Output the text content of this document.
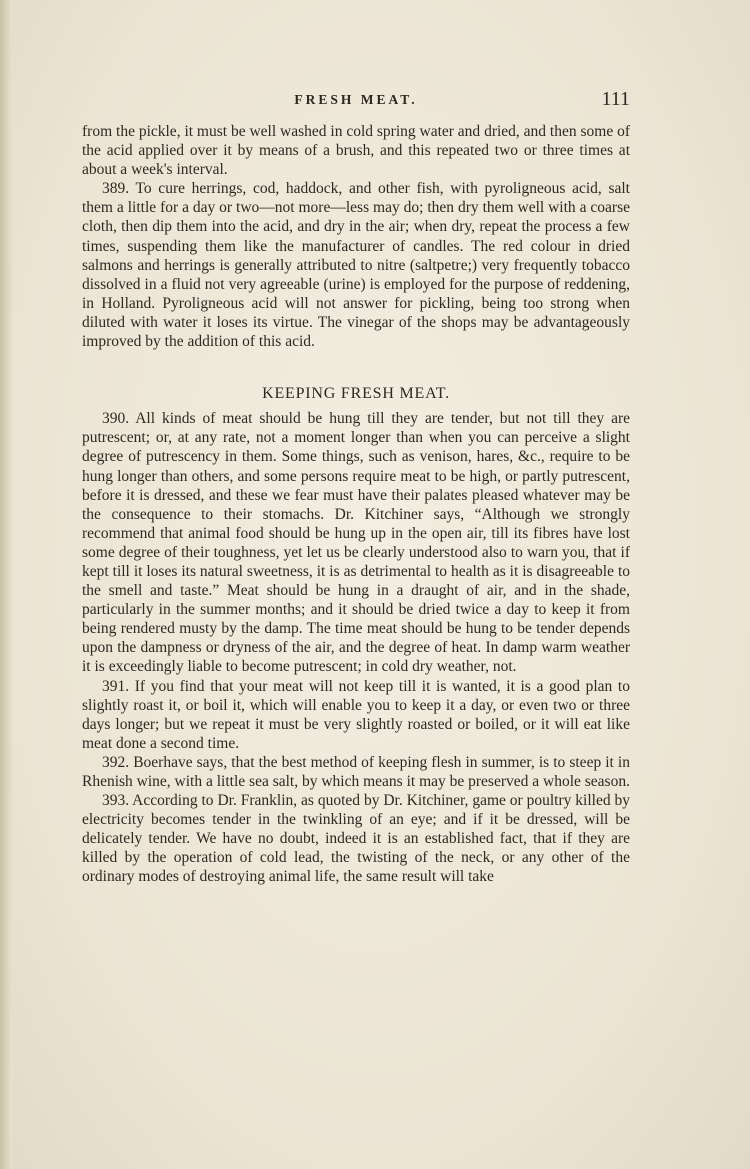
FRESH MEAT.	111

from the pickle, it must be well washed in cold spring water and dried, and then some of the acid applied over it by means of a brush, and this repeated two or three times at about a week's interval.

389. To cure herrings, cod, haddock, and other fish, with pyroligneous acid, salt them a little for a day or two—not more—less may do; then dry them well with a coarse cloth, then dip them into the acid, and dry in the air; when dry, repeat the process a few times, suspending them like the manufacturer of candles. The red colour in dried salmons and herrings is generally attributed to nitre (saltpetre;) very frequently tobacco dissolved in a fluid not very agreeable (urine) is employed for the purpose of reddening, in Holland. Pyroligneous acid will not answer for pickling, being too strong when diluted with water it loses its virtue. The vinegar of the shops may be advantageously improved by the addition of this acid.

KEEPING FRESH MEAT.

390. All kinds of meat should be hung till they are tender, but not till they are putrescent; or, at any rate, not a moment longer than when you can perceive a slight degree of putrescency in them. Some things, such as venison, hares, &c., require to be hung longer than others, and some persons require meat to be high, or partly putrescent, before it is dressed, and these we fear must have their palates pleased whatever may be the consequence to their stomachs. Dr. Kitchiner says, “Although we strongly recommend that animal food should be hung up in the open air, till its fibres have lost some degree of their toughness, yet let us be clearly understood also to warn you, that if kept till it loses its natural sweetness, it is as detrimental to health as it is disagreeable to the smell and taste.” Meat should be hung in a draught of air, and in the shade, particularly in the summer months; and it should be dried twice a day to keep it from being rendered musty by the damp. The time meat should be hung to be tender depends upon the dampness or dryness of the air, and the degree of heat. In damp warm weather it is exceedingly liable to become putrescent; in cold dry weather, not.

391. If you find that your meat will not keep till it is wanted, it is a good plan to slightly roast it, or boil it, which will enable you to keep it a day, or even two or three days longer; but we repeat it must be very slightly roasted or boiled, or it will eat like meat done a second time.

392. Boerhave says, that the best method of keeping flesh in summer, is to steep it in Rhenish wine, with a little sea salt, by which means it may be preserved a whole season.

393. According to Dr. Franklin, as quoted by Dr. Kitchiner, game or poultry killed by electricity becomes tender in the twinkling of an eye; and if it be dressed, will be delicately tender. We have no doubt, indeed it is an established fact, that if they are killed by the operation of cold lead, the twisting of the neck, or any other of the ordinary modes of destroying animal life, the same result will take
